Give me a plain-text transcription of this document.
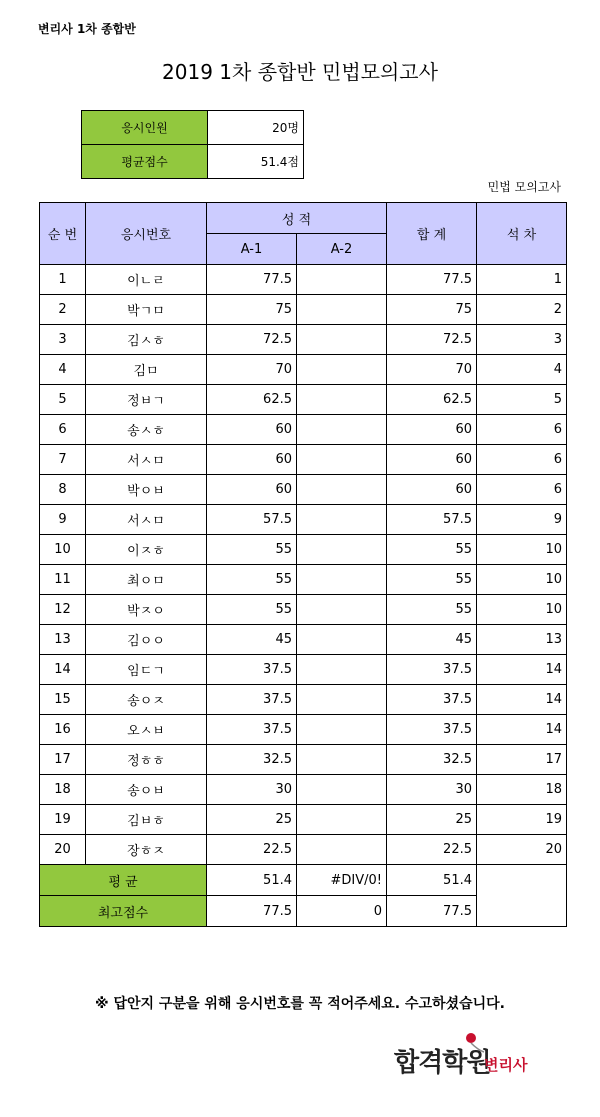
변리사 1차 종합반
2019 1차 종합반 민법모의고사
응시인원	20명
평균점수	51.4점
민법 모의고사
순 번	응시번호	성 적		합 계	석 차
		A-1	A-2		
1	이ㄴㄹ	77.5		77.5	1
2	박ㄱㅁ	75		75	2
3	김ㅅㅎ	72.5		72.5	3
4	김ㅁ	70		70	4
5	정ㅂㄱ	62.5		62.5	5
6	송ㅅㅎ	60		60	6
7	서ㅅㅁ	60		60	6
8	박ㅇㅂ	60		60	6
9	서ㅅㅁ	57.5		57.5	9
10	이ㅈㅎ	55		55	10
11	최ㅇㅁ	55		55	10
12	박ㅈㅇ	55		55	10
13	김ㅇㅇ	45		45	13
14	임ㄷㄱ	37.5		37.5	14
15	송ㅇㅈ	37.5		37.5	14
16	오ㅅㅂ	37.5		37.5	14
17	정ㅎㅎ	32.5		32.5	17
18	송ㅇㅂ	30		30	18
19	김ㅂㅎ	25		25	19
20	장ㅎㅈ	22.5		22.5	20
평 균		51.4	#DIV/0!	51.4	
최고점수		77.5	0	77.5	
※ 답안지 구분을 위해 응시번호를 꼭 적어주세요. 수고하셨습니다.
합격학원
변리사
